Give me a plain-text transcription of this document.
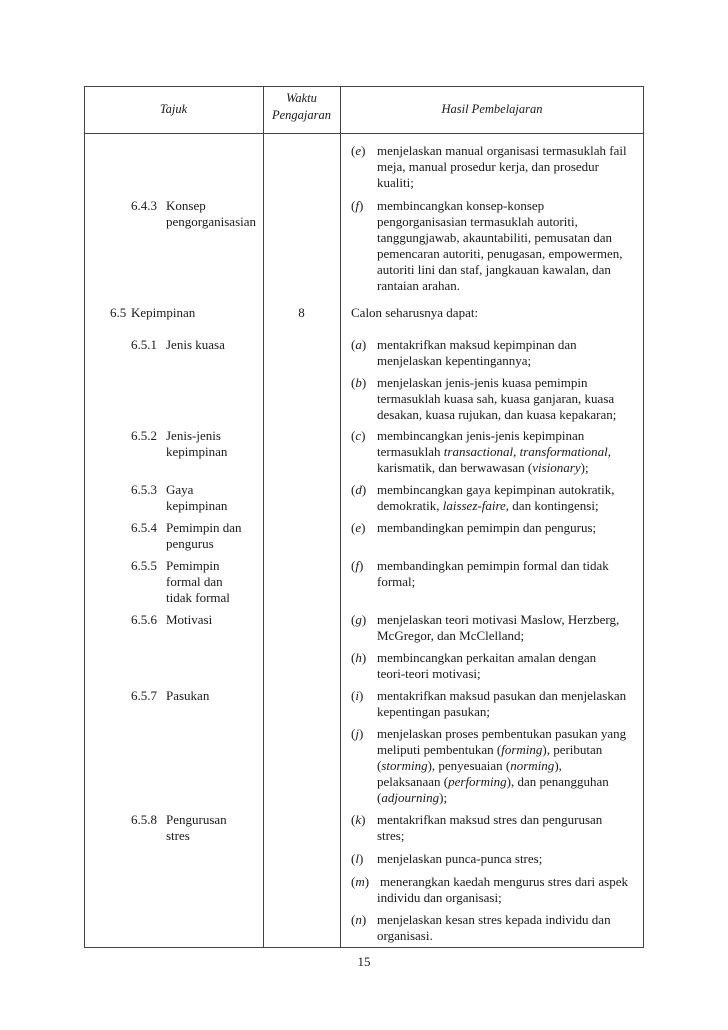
Tajuk
Waktu
Pengajaran	Hasil Pembelajaran
6.4.3 Konsep
pengorganisasian
6.5 Kepimpinan
6.5.1 Jenis kuasa
6.5.2 Jenis-jenis
kepimpinan
6.5.3 Gaya
kepimpinan
6.5.4 Pemimpin dan
pengurus
6.5.5 Pemimpin
formal dan
tidak formal
6.5.6 Motivasi
6.5.7 Pasukan
6.5.8 Pengurusan
stres
8	Calon seharusnya dapat:
(e) menjelaskan manual organisasi termasuklah fail
meja, manual prosedur kerja, dan prosedur
kualiti;
(f) membincangkan konsep-konsep
pengorganisasian termasuklah autoriti,
tanggungjawab, akauntabiliti, pemusatan dan
pemencaran autoriti, penugasan, empowermen,
autoriti lini dan staf, jangkauan kawalan, dan
rantaian arahan.
(a) mentakrifkan maksud kepimpinan dan
menjelaskan kepentingannya;
(b) menjelaskan jenis-jenis kuasa pemimpin
termasuklah kuasa sah, kuasa ganjaran, kuasa
desakan, kuasa rujukan, dan kuasa kepakaran;
(c) membincangkan jenis-jenis kepimpinan
termasuklah transactional, transformational,
karismatik, dan berwawasan (visionary);
(d) membincangkan gaya kepimpinan autokratik,
demokratik, laissez-faire, dan kontingensi;
(e) membandingkan pemimpin dan pengurus;
(f) membandingkan pemimpin formal dan tidak
formal;
(g) menjelaskan teori motivasi Maslow, Herzberg,
McGregor, dan McClelland;
(h) membincangkan perkaitan amalan dengan
teori-teori motivasi;
(i) mentakrifkan maksud pasukan dan menjelaskan
kepentingan pasukan;
(j) menjelaskan proses pembentukan pasukan yang
meliputi pembentukan (forming), peributan
(storming), penyesuaian (norming),
pelaksanaan (performing), dan penangguhan
(adjourning);
(k) mentakrifkan maksud stres dan pengurusan
stres;
(l) menjelaskan punca-punca stres;
(m) menerangkan kaedah mengurus stres dari aspek
individu dan organisasi;
(n) menjelaskan kesan stres kepada individu dan
organisasi.
15
